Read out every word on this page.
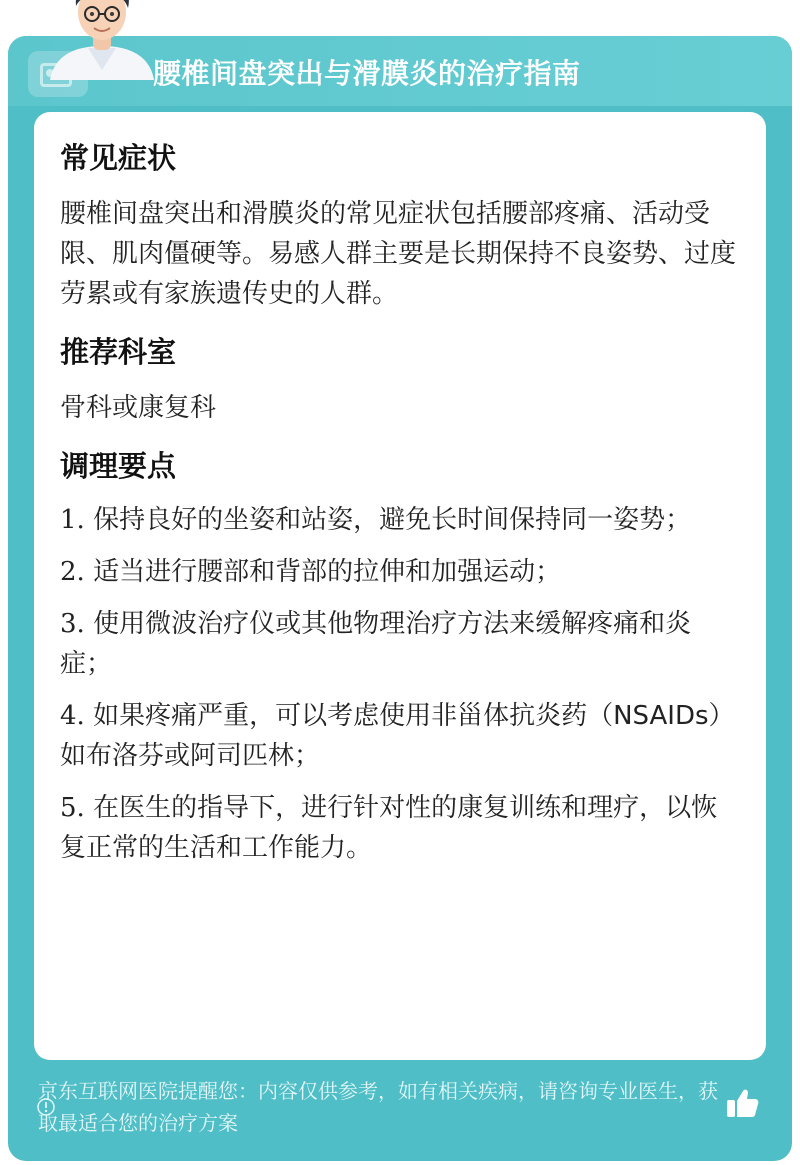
腰椎间盘突出与滑膜炎的治疗指南
常见症状

腰椎间盘突出和滑膜炎的常见症状包括腰部疼痛、活动受限、肌肉僵硬等。易感人群主要是长期保持不良姿势、过度劳累或有家族遗传史的人群。

推荐科室

骨科或康复科

调理要点

1. 保持良好的坐姿和站姿，避免长时间保持同一姿势；

2. 适当进行腰部和背部的拉伸和加强运动；

3. 使用微波治疗仪或其他物理治疗方法来缓解疼痛和炎症；

4. 如果疼痛严重，可以考虑使用非甾体抗炎药（NSAIDs）如布洛芬或阿司匹林；

5. 在医生的指导下，进行针对性的康复训练和理疗，以恢复正常的生活和工作能力。

京东互联网医院提醒您：内容仅供参考，如有相关疾病，请咨询专业医生，获取最适合您的治疗方案
